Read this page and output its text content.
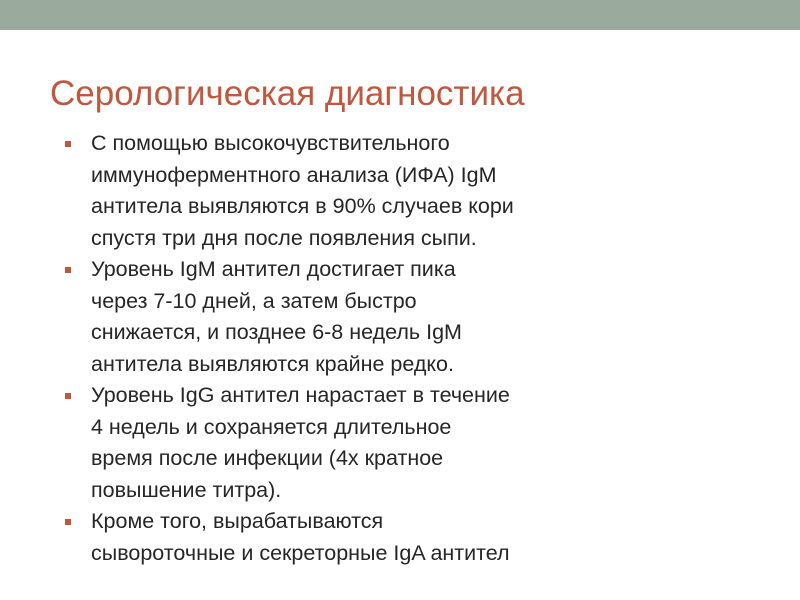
Серологическая диагностика
С помощью высокочувствительного
иммуноферментного анализа (ИФА) IgM
антитела выявляются в 90% случаев кори
спустя три дня после появления сыпи.
Уровень IgM антител достигает пика
через 7-10 дней, а затем быстро
снижается, и позднее 6-8 недель IgM
антитела выявляются крайне редко.
Уровень IgG антител нарастает в течение
4 недель и сохраняется длительное
время после инфекции (4х кратное
повышение титра).
Кроме того, вырабатываются
сывороточные и секреторные IgA антител
